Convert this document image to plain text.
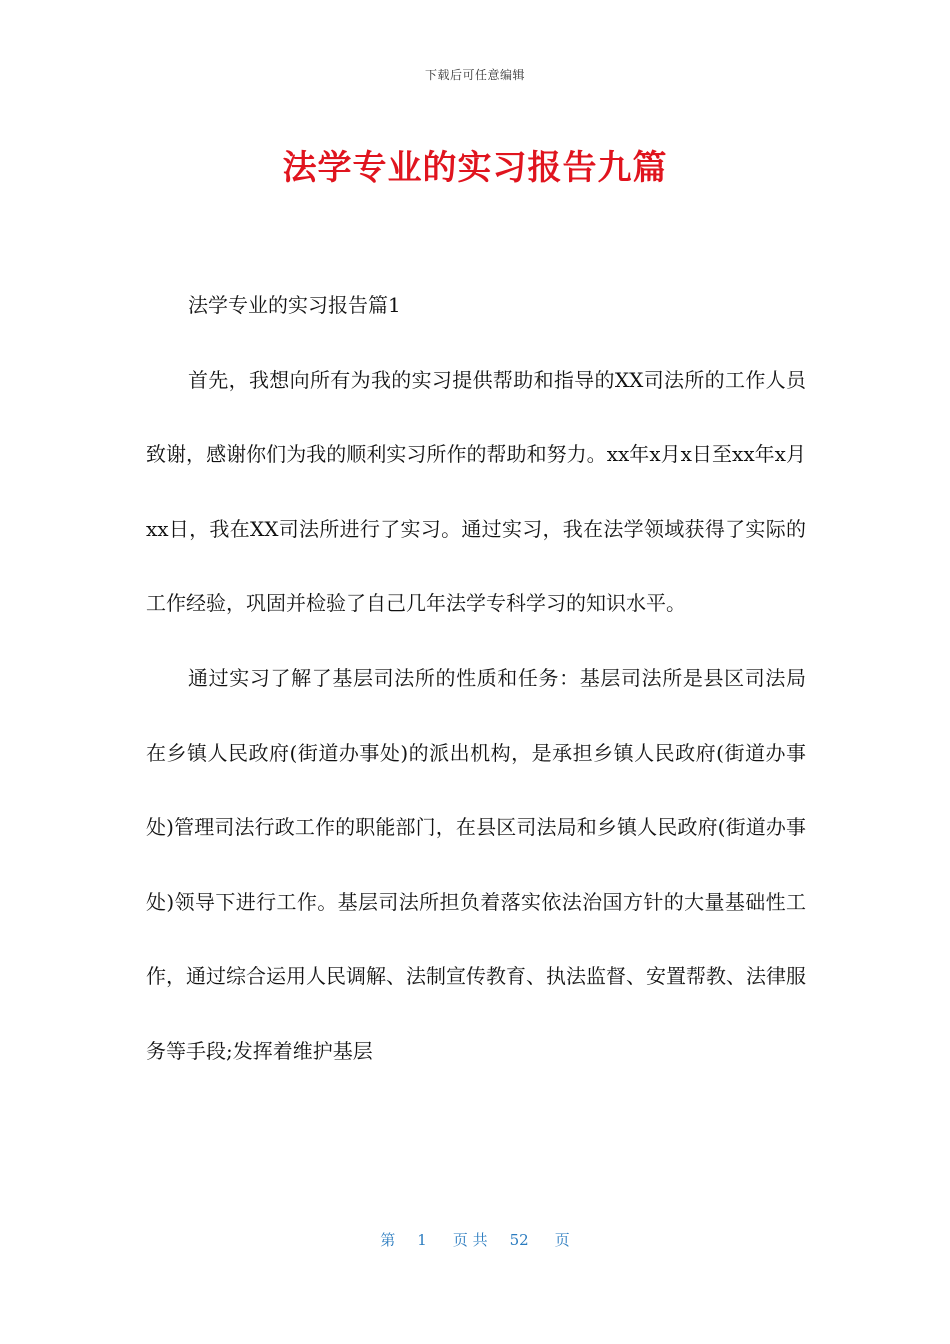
下载后可任意编辑
法学专业的实习报告九篇

法学专业的实习报告篇1

首先，我想向所有为我的实习提供帮助和指导的XX司法所的工作人员致谢，感谢你们为我的顺利实习所作的帮助和努力。xx年x月x日至xx年x月xx日，我在XX司法所进行了实习。通过实习，我在法学领域获得了实际的工作经验，巩固并检验了自己几年法学专科学习的知识水平。

通过实习了解了基层司法所的性质和任务：基层司法所是县区司法局在乡镇人民政府(街道办事处)的派出机构，是承担乡镇人民政府(街道办事处)管理司法行政工作的职能部门，在县区司法局和乡镇人民政府(街道办事处)领导下进行工作。基层司法所担负着落实依法治国方针的大量基础性工作，通过综合运用人民调解、法制宣传教育、执法监督、安置帮教、法律服务等手段;发挥着维护基层

第 1 页 共 52 页
